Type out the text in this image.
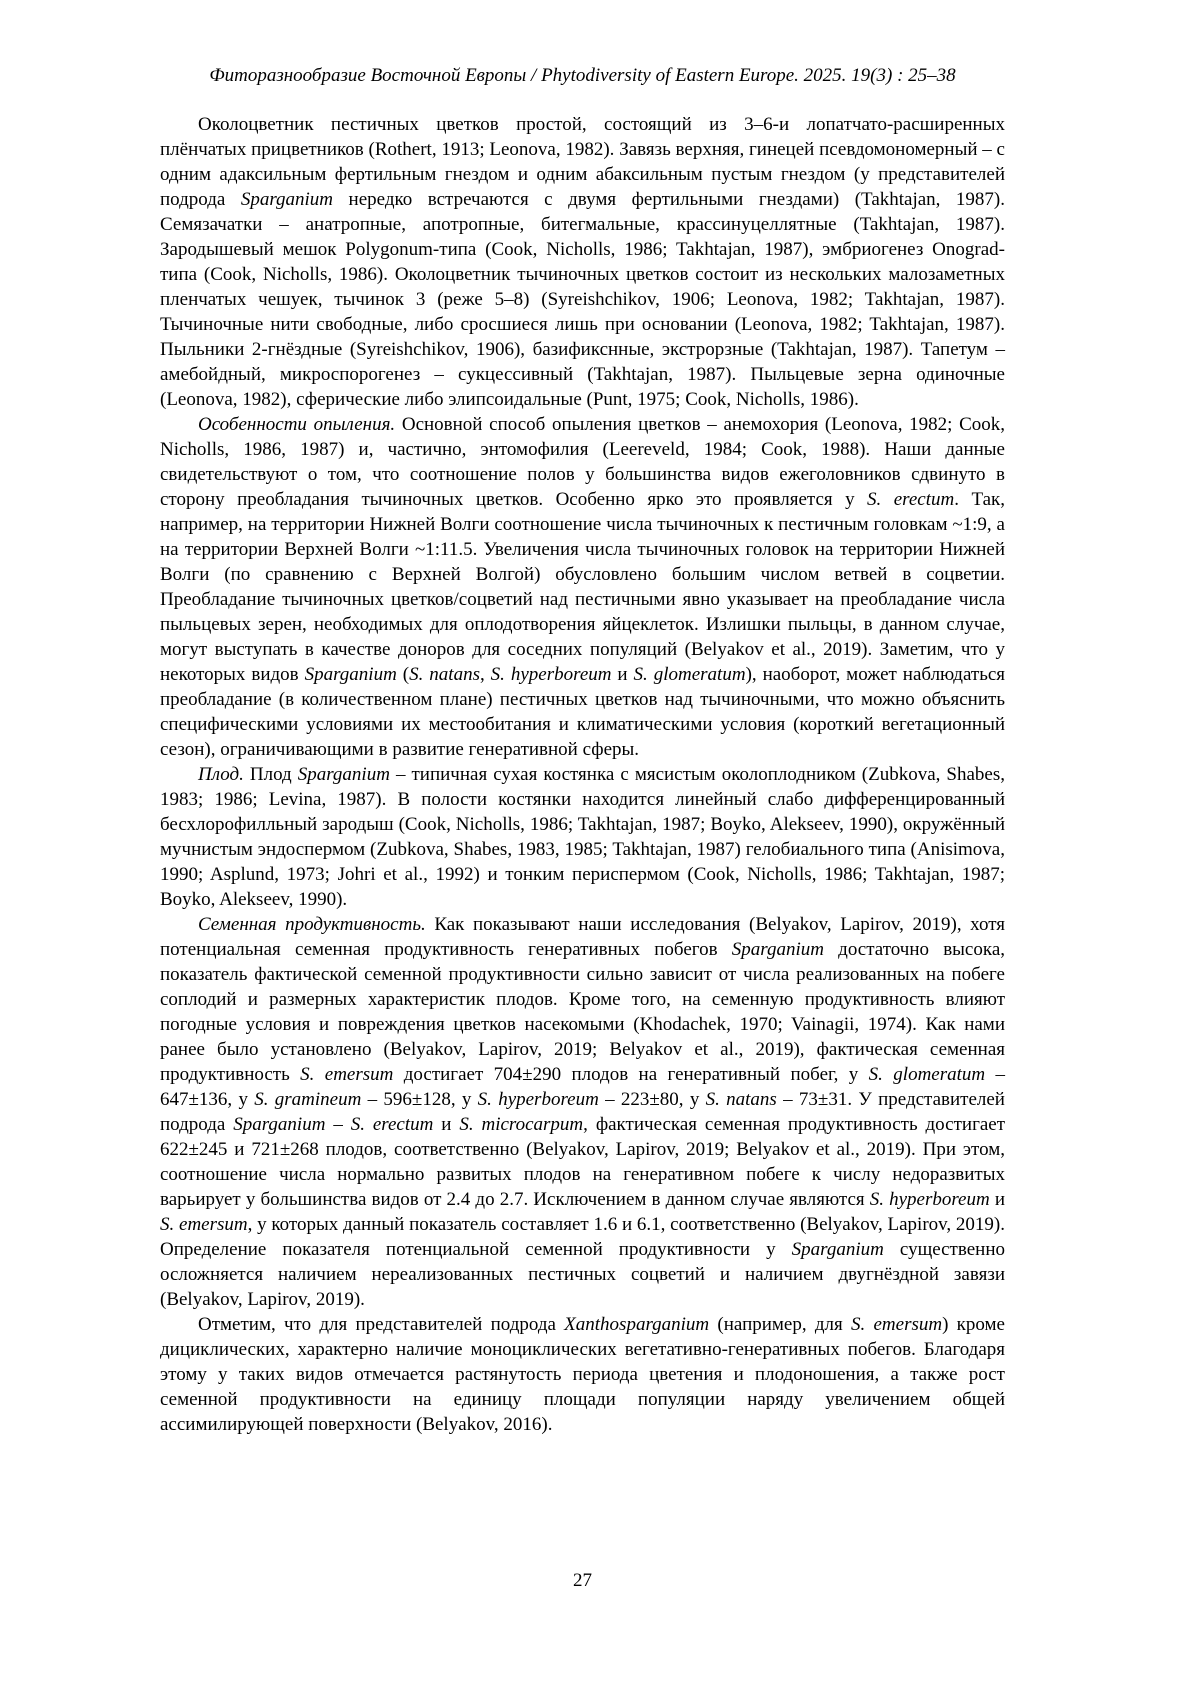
Фиторазнообразие Восточной Европы / Phytodiversity of Eastern Europe. 2025. 19(3) : 25–38

Околоцветник пестичных цветков простой, состоящий из 3–6-и лопатчато-расширенных плёнчатых прицветников (Rothert, 1913; Leonova, 1982). Завязь верхняя, гинецей псевдомономерный – с одним адаксильным фертильным гнездом и одним абаксильным пустым гнездом (у представителей подрода Sparganium нередко встречаются с двумя фертильными гнездами) (Takhtajan, 1987). Семязачатки – анатропные, апотропные, битегмальные, крассинуцеллятные (Takhtajan, 1987). Зародышевый мешок Polygonum-типа (Cook, Nicholls, 1986; Takhtajan, 1987), эмбриогенез Onograd-типа (Cook, Nicholls, 1986). Околоцветник тычиночных цветков состоит из нескольких малозаметных пленчатых чешуек, тычинок 3 (реже 5–8) (Syreishchikov, 1906; Leonova, 1982; Takhtajan, 1987). Тычиночные нити свободные, либо сросшиеся лишь при основании (Leonova, 1982; Takhtajan, 1987). Пыльники 2-гнёздные (Syreishchikov, 1906), базификснные, экстрорзные (Takhtajan, 1987). Тапетум – амебойдный, микроспорогенез – сукцессивный (Takhtajan, 1987). Пыльцевые зерна одиночные (Leonova, 1982), сферические либо элипсоидальные (Punt, 1975; Cook, Nicholls, 1986).

Особенности опыления. Основной способ опыления цветков – анемохория (Leonova, 1982; Cook, Nicholls, 1986, 1987) и, частично, энтомофилия (Leereveld, 1984; Cook, 1988). Наши данные свидетельствуют о том, что соотношение полов у большинства видов ежеголовников сдвинуто в сторону преобладания тычиночных цветков. Особенно ярко это проявляется у S. erectum. Так, например, на территории Нижней Волги соотношение числа тычиночных к пестичным головкам ~1:9, а на территории Верхней Волги ~1:11.5. Увеличения числа тычиночных головок на территории Нижней Волги (по сравнению с Верхней Волгой) обусловлено большим числом ветвей в соцветии. Преобладание тычиночных цветков/соцветий над пестичными явно указывает на преобладание числа пыльцевых зерен, необходимых для оплодотворения яйцеклеток. Излишки пыльцы, в данном случае, могут выступать в качестве доноров для соседних популяций (Belyakov et al., 2019). Заметим, что у некоторых видов Sparganium (S. natans, S. hyperboreum и S. glomeratum), наоборот, может наблюдаться преобладание (в количественном плане) пестичных цветков над тычиночными, что можно объяснить специфическими условиями их местообитания и климатическими условия (короткий вегетационный сезон), ограничивающими в развитие генеративной сферы.

Плод. Плод Sparganium – типичная сухая костянка с мясистым околоплодником (Zubkova, Shabes, 1983; 1986; Levina, 1987). В полости костянки находится линейный слабо дифференцированный бесхлорофилльный зародыш (Cook, Nicholls, 1986; Takhtajan, 1987; Boyko, Alekseev, 1990), окружённый мучнистым эндоспермом (Zubkova, Shabes, 1983, 1985; Takhtajan, 1987) гелобиального типа (Anisimova, 1990; Asplund, 1973; Johri et al., 1992) и тонким периспермом (Cook, Nicholls, 1986; Takhtajan, 1987; Boyko, Alekseev, 1990).

Семенная продуктивность. Как показывают наши исследования (Belyakov, Lapirov, 2019), хотя потенциальная семенная продуктивность генеративных побегов Sparganium достаточно высока, показатель фактической семенной продуктивности сильно зависит от числа реализованных на побеге соплодий и размерных характеристик плодов. Кроме того, на семенную продуктивность влияют погодные условия и повреждения цветков насекомыми (Khodachek, 1970; Vainagii, 1974). Как нами ранее было установлено (Belyakov, Lapirov, 2019; Belyakov et al., 2019), фактическая семенная продуктивность S. emersum достигает 704±290 плодов на генеративный побег, у S. glomeratum – 647±136, у S. gramineum – 596±128, у S. hyperboreum – 223±80, у S. natans – 73±31. У представителей подрода Sparganium – S. erectum и S. microcarpum, фактическая семенная продуктивность достигает 622±245 и 721±268 плодов, соответственно (Belyakov, Lapirov, 2019; Belyakov et al., 2019). При этом, соотношение числа нормально развитых плодов на генеративном побеге к числу недоразвитых варьирует у большинства видов от 2.4 до 2.7. Исключением в данном случае являются S. hyperboreum и S. emersum, у которых данный показатель составляет 1.6 и 6.1, соответственно (Belyakov, Lapirov, 2019). Определение показателя потенциальной семенной продуктивности у Sparganium существенно осложняется наличием нереализованных пестичных соцветий и наличием двугнёздной завязи (Belyakov, Lapirov, 2019).

Отметим, что для представителей подрода Xanthosparganium (например, для S. emersum) кроме дициклических, характерно наличие моноциклических вегетативно-генеративных побегов. Благодаря этому у таких видов отмечается растянутость периода цветения и плодоношения, а также рост семенной продуктивности на единицу площади популяции наряду увеличением общей ассимилирующей поверхности (Belyakov, 2016).

27
